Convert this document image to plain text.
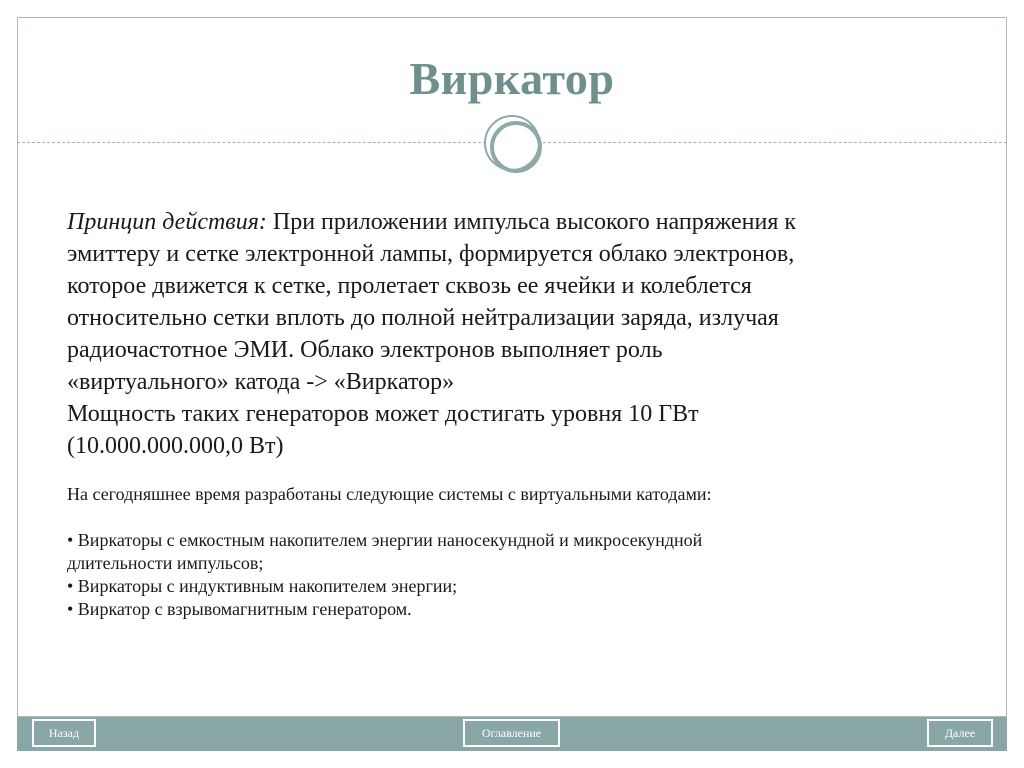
Виркатор
Принцип действия: При приложении импульса высокого напряжения к
эмиттеру и сетке электронной лампы, формируется облако электронов,
которое движется к сетке, пролетает сквозь ее ячейки и колеблется
относительно сетки вплоть до полной нейтрализации заряда, излучая
радиочастотное ЭМИ. Облако электронов выполняет роль
«виртуального» катода -> «Виркатор»
Мощность таких генераторов может достигать уровня 10 ГВт
(10.000.000.000,0 Вт)

На сегодняшнее время разработаны следующие системы с виртуальными катодами:

• Виркаторы с емкостным накопителем энергии наносекундной и микросекундной

длительности импульсов;

• Виркаторы с индуктивным накопителем энергии;

• Виркатор с взрывомагнитным генератором.

Назад	Оглавление	Далее
